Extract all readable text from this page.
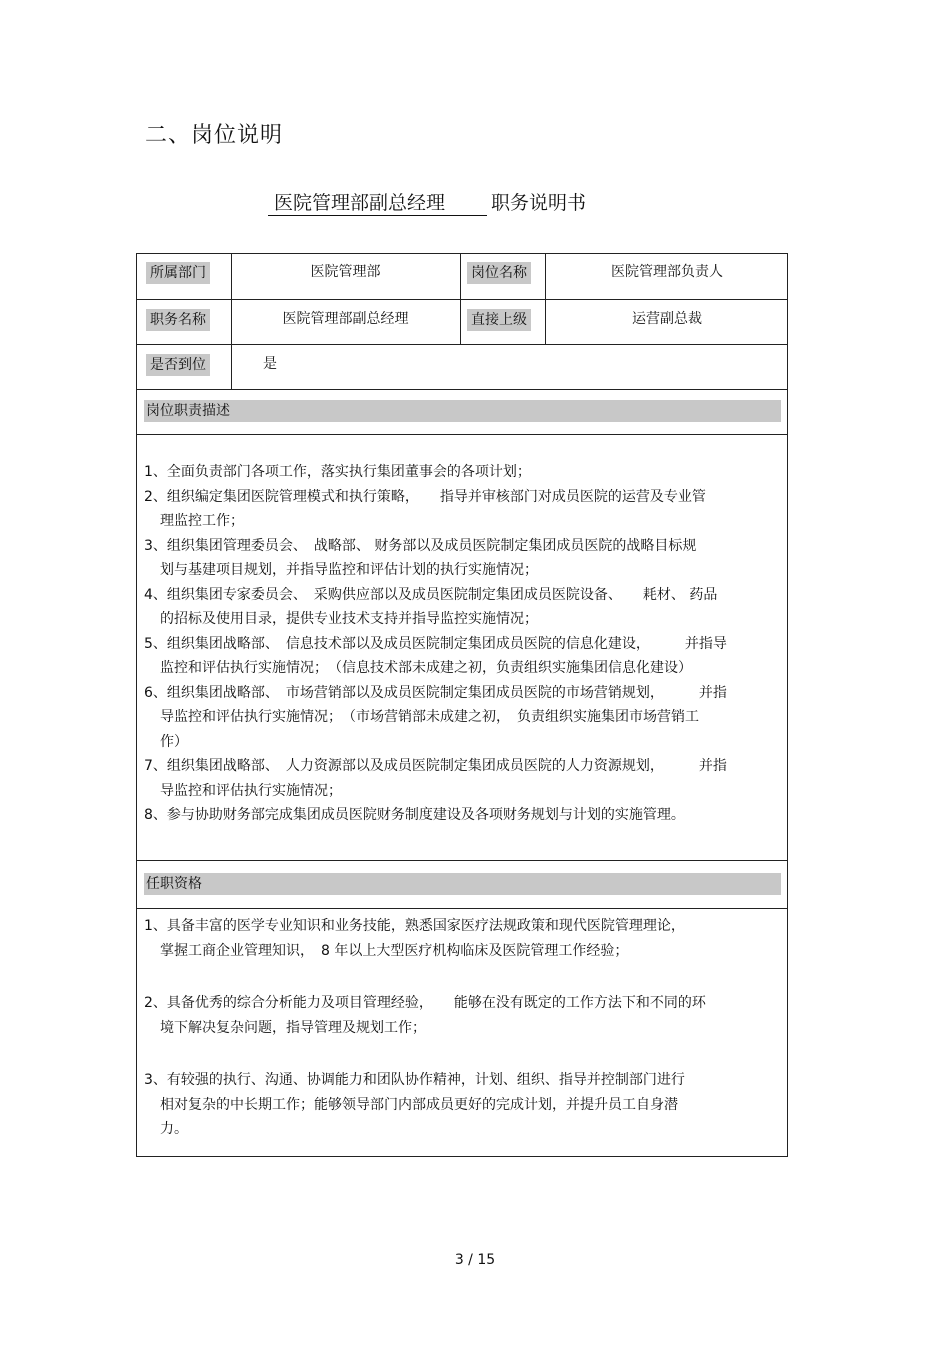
二、岗位说明
医院管理部副总经理 职务说明书
所属部门	医院管理部	岗位名称	医院管理部负责人
职务名称	医院管理部副总经理	直接上级	运营副总裁
是否到位	是
岗位职责描述
1、全面负责部门各项工作，落实执行集团董事会的各项计划；
2、组织编定集团医院管理模式和执行策略，　　指导并审核部门对成员医院的运营及专业管
理监控工作；
3、组织集团管理委员会、　战略部、 财务部以及成员医院制定集团成员医院的战略目标规
划与基建项目规划，并指导监控和评估计划的执行实施情况；
4、组织集团专家委员会、　采购供应部以及成员医院制定集团成员医院设备、　　耗材、 药品
的招标及使用目录，提供专业技术支持并指导监控实施情况；
5、组织集团战略部、　信息技术部以及成员医院制定集团成员医院的信息化建设，　　　并指导
监控和评估执行实施情况；　（信息技术部未成建之初，负责组织实施集团信息化建设）
6、组织集团战略部、　市场营销部以及成员医院制定集团成员医院的市场营销规划，　　　并指
导监控和评估执行实施情况；　（市场营销部未成建之初，　负责组织实施集团市场营销工
作）
7、组织集团战略部、　人力资源部以及成员医院制定集团成员医院的人力资源规划，　　　并指
导监控和评估执行实施情况；
8、参与协助财务部完成集团成员医院财务制度建设及各项财务规划与计划的实施管理。
任职资格
1、具备丰富的医学专业知识和业务技能，熟悉国家医疗法规政策和现代医院管理理论，
掌握工商企业管理知识，　8 年以上大型医疗机构临床及医院管理工作经验；
2、具备优秀的综合分析能力及项目管理经验，　　能够在没有既定的工作方法下和不同的环
境下解决复杂问题，指导管理及规划工作；
3、有较强的执行、沟通、协调能力和团队协作精神，计划、组织、指导并控制部门进行
相对复杂的中长期工作；能够领导部门内部成员更好的完成计划，并提升员工自身潜
力。
3 / 15
